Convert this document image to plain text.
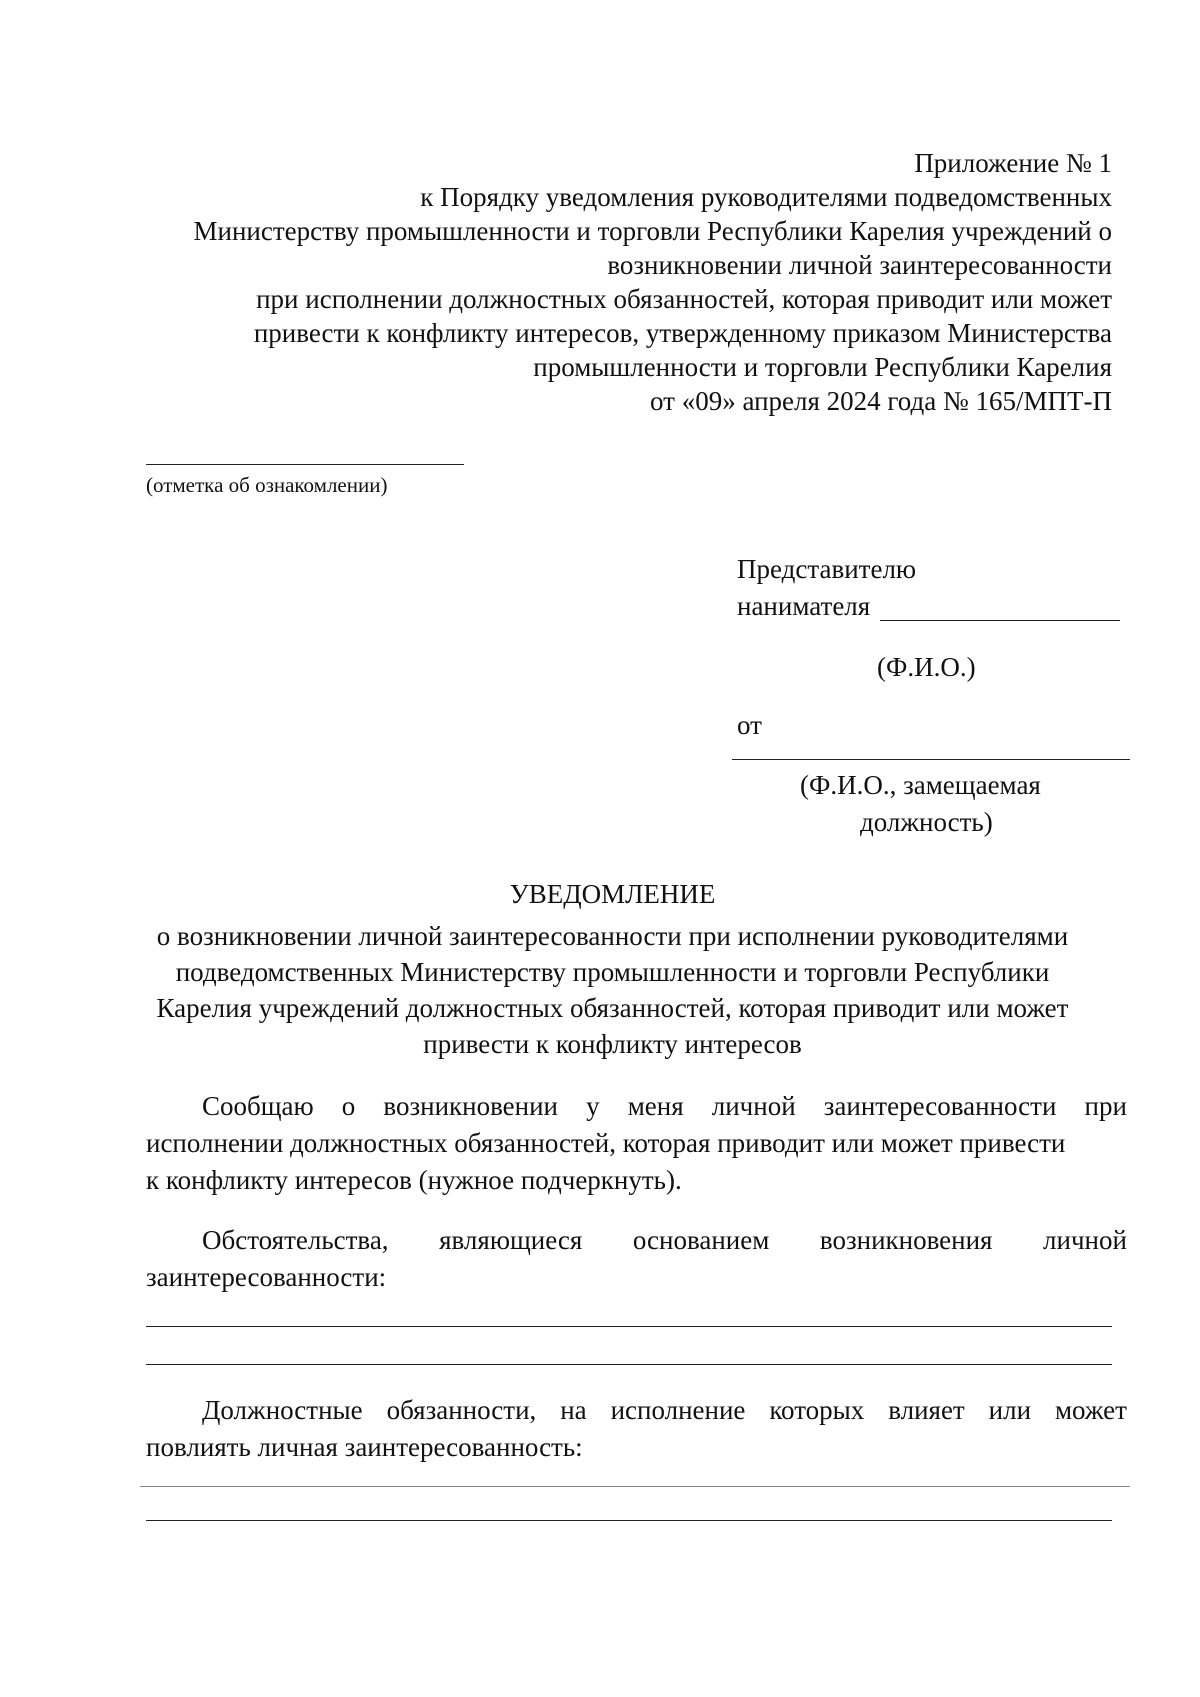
Приложение № 1
к Порядку уведомления руководителями подведомственных
Министерству промышленности и торговли Республики Карелия учреждений о
возникновении личной заинтересованности
при исполнении должностных обязанностей, которая приводит или может
привести к конфликту интересов, утвержденному приказом Министерства
промышленности и торговли Республики Карелия
от «09» апреля 2024 года № 165/МПТ-П
(отметка об ознакомлении)
Представителю
нанимателя
(Ф.И.О.)
от
(Ф.И.О., замещаемая
должность)
УВЕДОМЛЕНИЕ
о возникновении личной заинтересованности при исполнении руководителями
подведомственных Министерству промышленности и торговли Республики
Карелия учреждений должностных обязанностей, которая приводит или может
привести к конфликту интересов
Сообщаю о возникновении у меня личной заинтересованности при
исполнении должностных обязанностей, которая приводит или может привести
к конфликту интересов (нужное подчеркнуть).
Обстоятельства, являющиеся основанием возникновения личной
заинтересованности:
Должностные обязанности, на исполнение которых влияет или может
повлиять личная заинтересованность:
